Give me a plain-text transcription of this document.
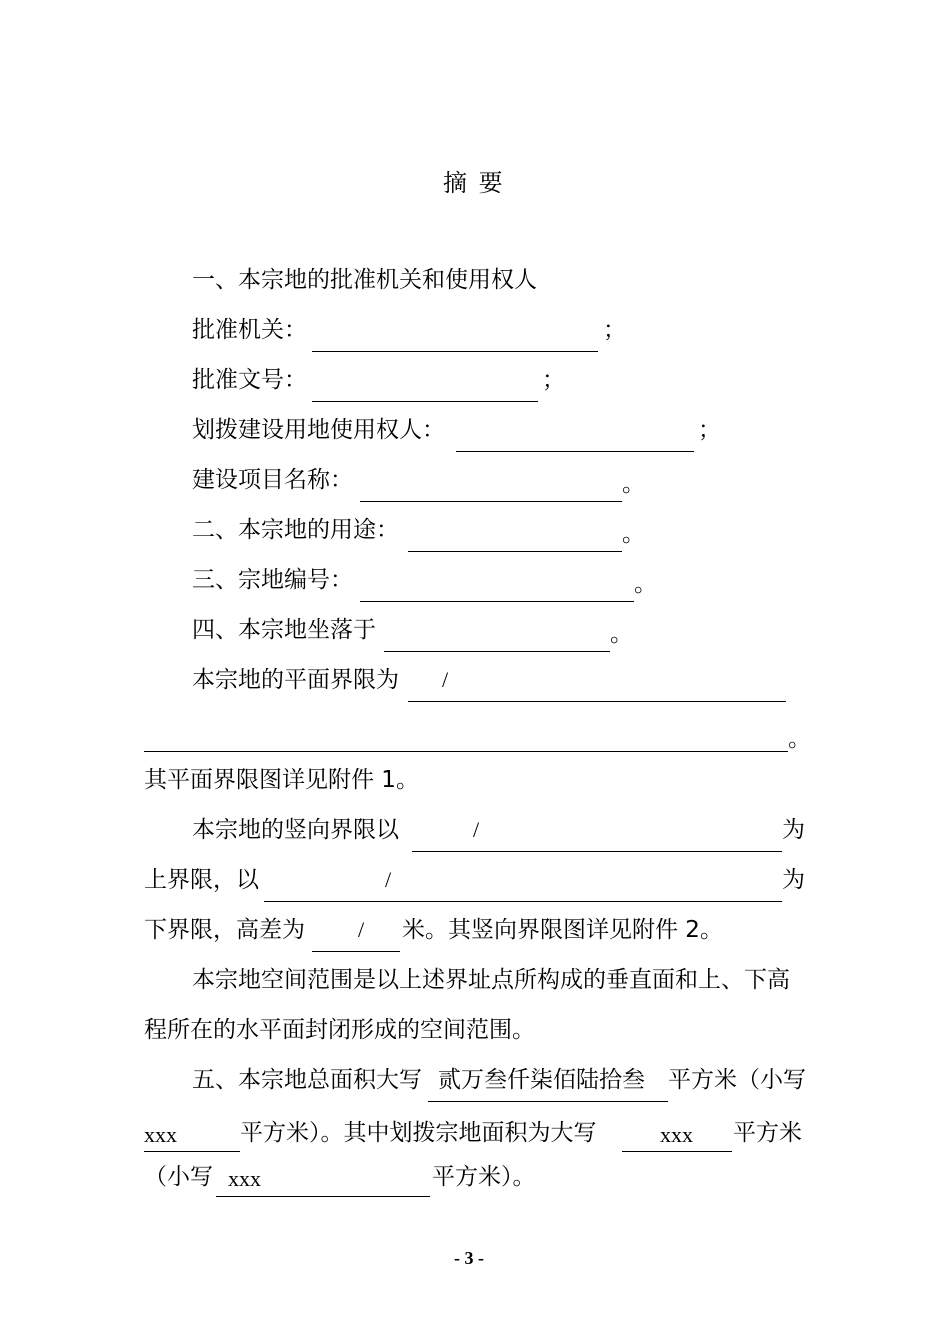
摘 要
一、本宗地的批准机关和使用权人
批准机关：	；
批准文号：	；
划拨建设用地使用权人：	；
建设项目名称：	。
二、本宗地的用途：	。
三、宗地编号：	。
四、本宗地坐落于	。
本宗地的平面界限为 /
。
其平面界限图详见附件 1。
本宗地的竖向界限以	/	为
上界限，以	/	为
下界限，高差为 / 米。其竖向界限图详见附件 2。
本宗地空间范围是以上述界址点所构成的垂直面和上、下高
程所在的水平面封闭形成的空间范围。
五、本宗地总面积大写 贰万叁仟柒佰陆拾叁 平方米（小写
xxx	平方米）。其中划拨宗地面积为大写	xxx 平方米
（小写 xxx	平方米）。
- 3 -
